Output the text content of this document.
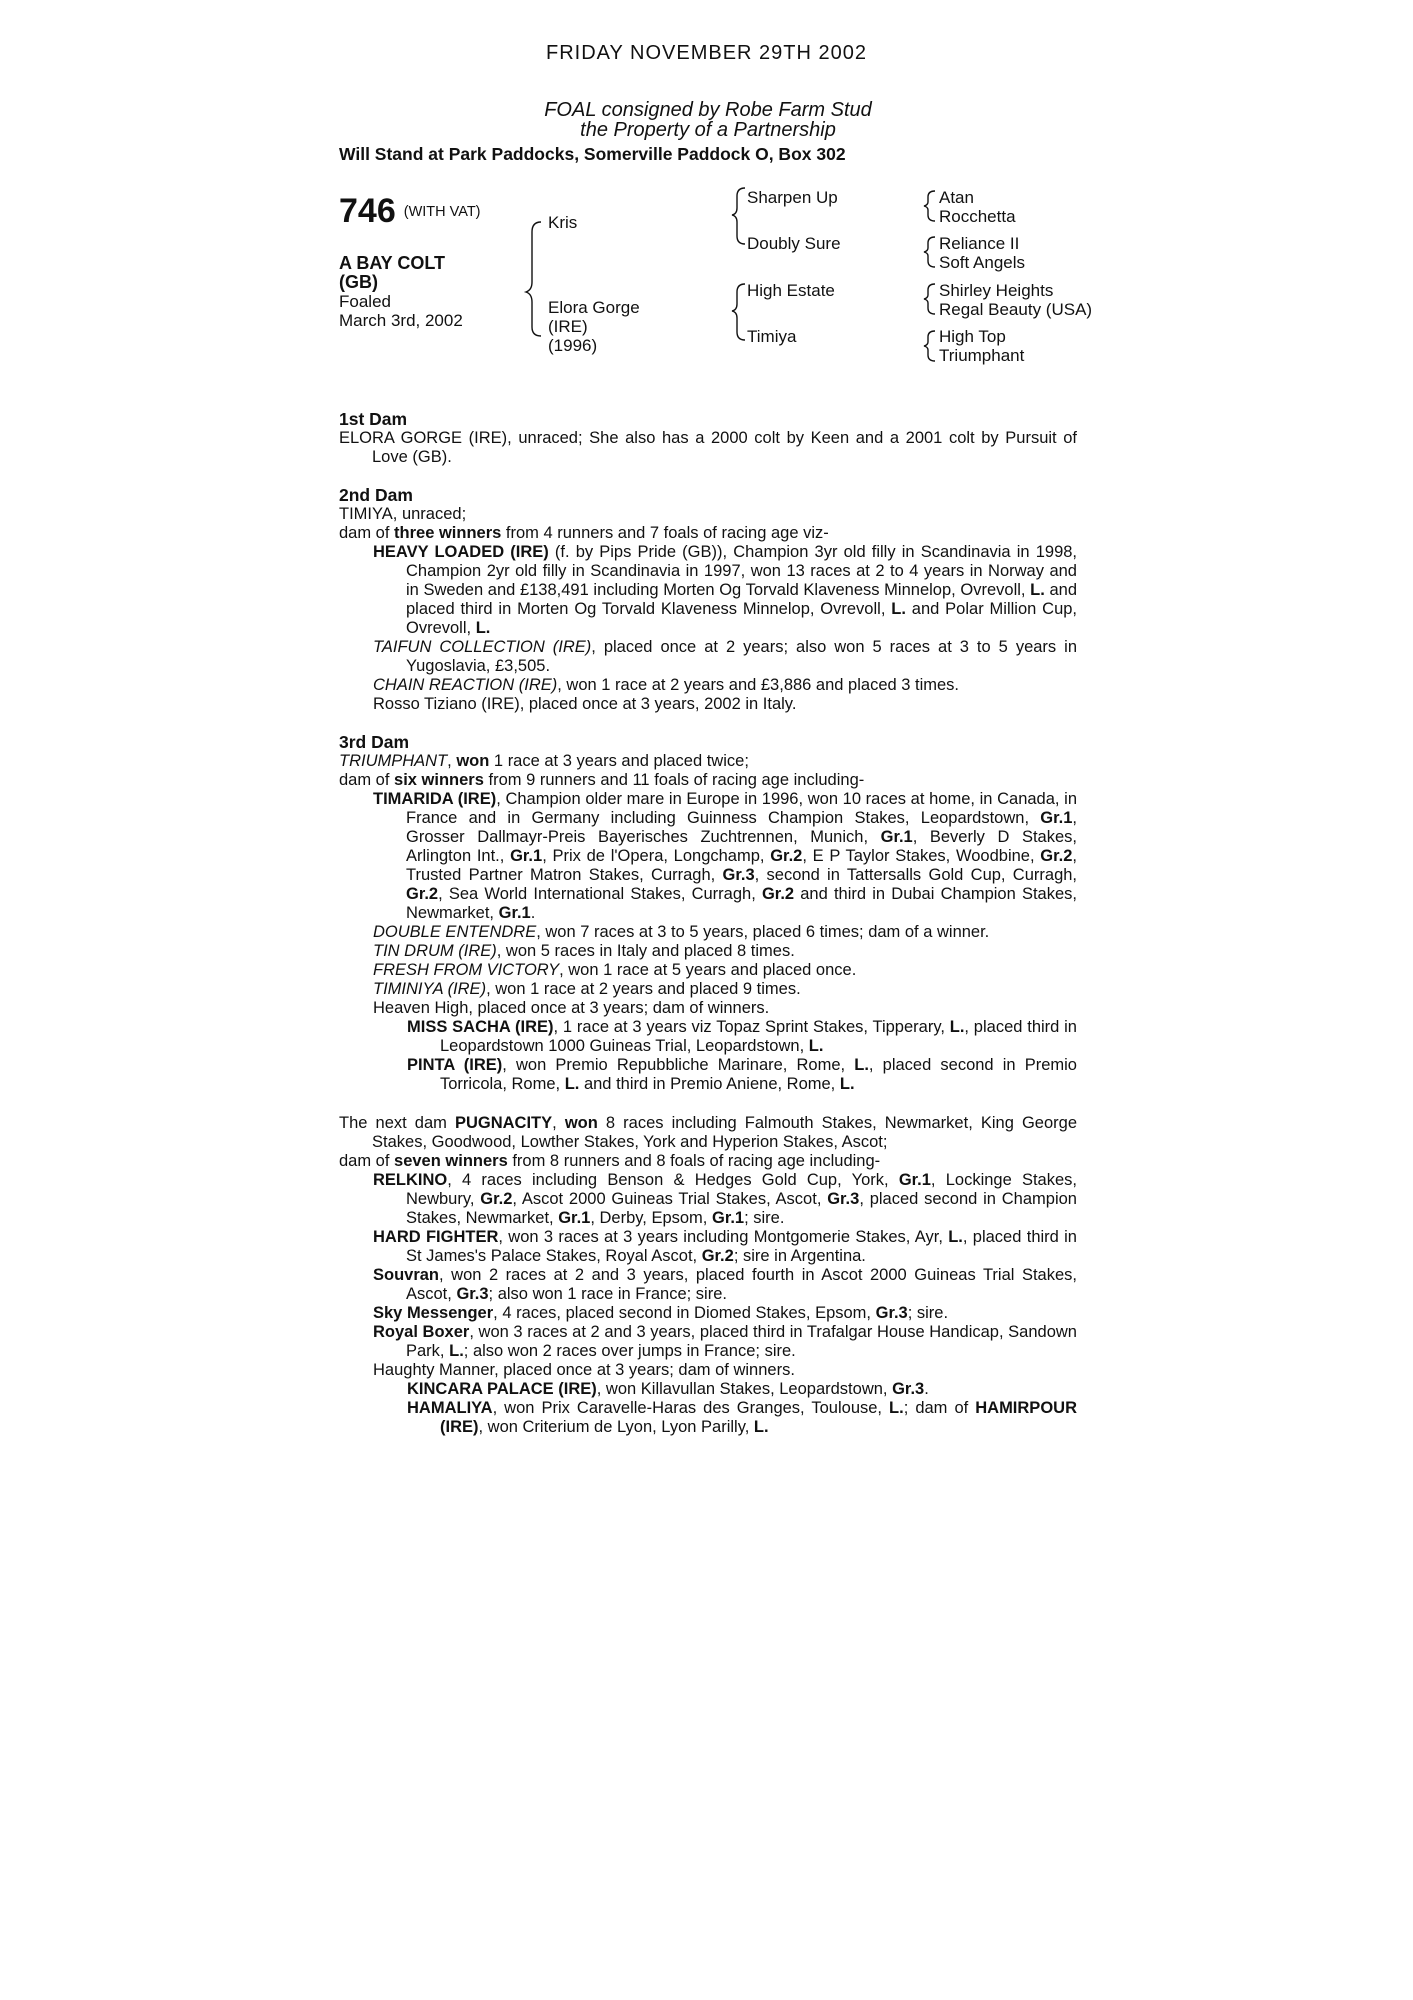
FRIDAY NOVEMBER 29TH 2002
FOAL consigned by Robe Farm Stud
the Property of a Partnership
Will Stand at Park Paddocks, Somerville Paddock O, Box 302
746 (WITH VAT)
A BAY COLT
(GB)
Foaled
March 3rd, 2002
Kris
Elora Gorge
(IRE)
(1996)
Sharpen Up
Doubly Sure
High Estate
Timiya
Atan
Rocchetta
Reliance II
Soft Angels
Shirley Heights
Regal Beauty (USA)
High Top
Triumphant
1st Dam

ELORA GORGE (IRE), unraced; She also has a 2000 colt by Keen and a 2001 colt by Pursuit of Love (GB).

2nd Dam
TIMIYA, unraced;
dam of three winners from 4 runners and 7 foals of racing age viz-

HEAVY LOADED (IRE) (f. by Pips Pride (GB)), Champion 3yr old filly in Scandinavia in 1998, Champion 2yr old filly in Scandinavia in 1997, won 13 races at 2 to 4 years in Norway and in Sweden and £138,491 including Morten Og Torvald Klaveness Minnelop, Ovrevoll, L. and placed third in Morten Og Torvald Klaveness Minnelop, Ovrevoll, L. and Polar Million Cup, Ovrevoll, L.

TAIFUN COLLECTION (IRE), placed once at 2 years; also won 5 races at 3 to 5 years in Yugoslavia, £3,505.

CHAIN REACTION (IRE), won 1 race at 2 years and £3,886 and placed 3 times.

Rosso Tiziano (IRE), placed once at 3 years, 2002 in Italy.

3rd Dam
TRIUMPHANT, won 1 race at 3 years and placed twice;
dam of six winners from 9 runners and 11 foals of racing age including-

TIMARIDA (IRE), Champion older mare in Europe in 1996, won 10 races at home, in Canada, in France and in Germany including Guinness Champion Stakes, Leopardstown, Gr.1, Grosser Dallmayr-Preis Bayerisches Zuchtrennen, Munich, Gr.1, Beverly D Stakes, Arlington Int., Gr.1, Prix de l'Opera, Longchamp, Gr.2, E P Taylor Stakes, Woodbine, Gr.2, Trusted Partner Matron Stakes, Curragh, Gr.3, second in Tattersalls Gold Cup, Curragh, Gr.2, Sea World International Stakes, Curragh, Gr.2 and third in Dubai Champion Stakes, Newmarket, Gr.1.

DOUBLE ENTENDRE, won 7 races at 3 to 5 years, placed 6 times; dam of a winner.

TIN DRUM (IRE), won 5 races in Italy and placed 8 times.

FRESH FROM VICTORY, won 1 race at 5 years and placed once.

TIMINIYA (IRE), won 1 race at 2 years and placed 9 times.

Heaven High, placed once at 3 years; dam of winners.

MISS SACHA (IRE), 1 race at 3 years viz Topaz Sprint Stakes, Tipperary, L., placed third in Leopardstown 1000 Guineas Trial, Leopardstown, L.

PINTA (IRE), won Premio Repubbliche Marinare, Rome, L., placed second in Premio Torricola, Rome, L. and third in Premio Aniene, Rome, L.

The next dam PUGNACITY, won 8 races including Falmouth Stakes, Newmarket, King George Stakes, Goodwood, Lowther Stakes, York and Hyperion Stakes, Ascot;

dam of seven winners from 8 runners and 8 foals of racing age including-

RELKINO, 4 races including Benson & Hedges Gold Cup, York, Gr.1, Lockinge Stakes, Newbury, Gr.2, Ascot 2000 Guineas Trial Stakes, Ascot, Gr.3, placed second in Champion Stakes, Newmarket, Gr.1, Derby, Epsom, Gr.1; sire.

HARD FIGHTER, won 3 races at 3 years including Montgomerie Stakes, Ayr, L., placed third in St James's Palace Stakes, Royal Ascot, Gr.2; sire in Argentina.

Souvran, won 2 races at 2 and 3 years, placed fourth in Ascot 2000 Guineas Trial Stakes, Ascot, Gr.3; also won 1 race in France; sire.

Sky Messenger, 4 races, placed second in Diomed Stakes, Epsom, Gr.3; sire.

Royal Boxer, won 3 races at 2 and 3 years, placed third in Trafalgar House Handicap, Sandown Park, L.; also won 2 races over jumps in France; sire.

Haughty Manner, placed once at 3 years; dam of winners.

KINCARA PALACE (IRE), won Killavullan Stakes, Leopardstown, Gr.3.

HAMALIYA, won Prix Caravelle-Haras des Granges, Toulouse, L.; dam of HAMIRPOUR (IRE), won Criterium de Lyon, Lyon Parilly, L.
